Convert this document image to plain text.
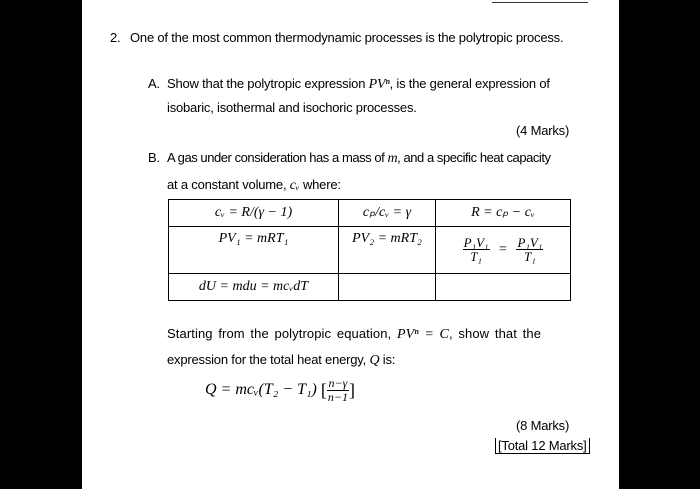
2. One of the most common thermodynamic processes is the polytropic process.
A. Show that the polytropic expression PVⁿ, is the general expression of
isobaric, isothermal and isochoric processes.
(4 Marks)
B. A gas under consideration has a mass of m, and a specific heat capacity
at a constant volume, cᵥ where:
cᵥ = R/(γ − 1)	cₚ/cᵥ = γ	R = cₚ − cᵥ
PV₁ = mRT₁	PV₂ = mRT₂	$\frac{\text{P₁V₁}}{\text{T₁}} = \frac{\text{P₁V₁}}{\text{T₁}}$

dU = mdu = mcᵥdT		
Starting from the polytropic equation, PVⁿ = C, show that the
expression for the total heat energy, Q is:
Q = mcᵥ(T₂ − T₁) [ $\frac{n-\gamma}{n-1}$ ]
(8 Marks)
[Total 12 Marks]
